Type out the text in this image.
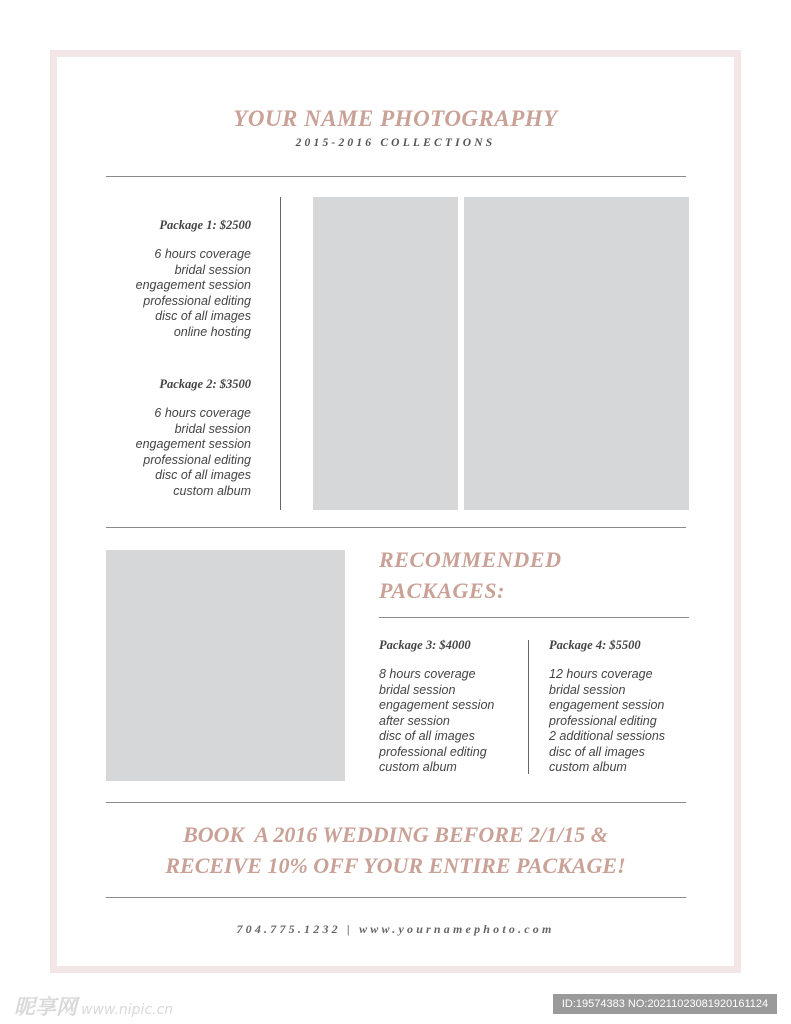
YOUR NAME PHOTOGRAPHY
2015-2016 COLLECTIONS
Package 1: $2500
6 hours coverage
bridal session
engagement session
professional editing
disc of all images
online hosting
Package 2: $3500
6 hours coverage
bridal session
engagement session
professional editing
disc of all images
custom album
RECOMMENDED
PACKAGES:
Package 3: $4000
8 hours coverage
bridal session
engagement session
after session
disc of all images
professional editing
custom album
Package 4: $5500
12 hours coverage
bridal session
engagement session
professional editing
2 additional sessions
disc of all images
custom album
BOOK  A 2016 WEDDING BEFORE 2/1/15 &
RECEIVE 10% OFF YOUR ENTIRE PACKAGE!
704.775.1232 | www.yournamephoto.com
昵享网 www.nipic.cn	ID:19574383 NO:20211023081920161124
